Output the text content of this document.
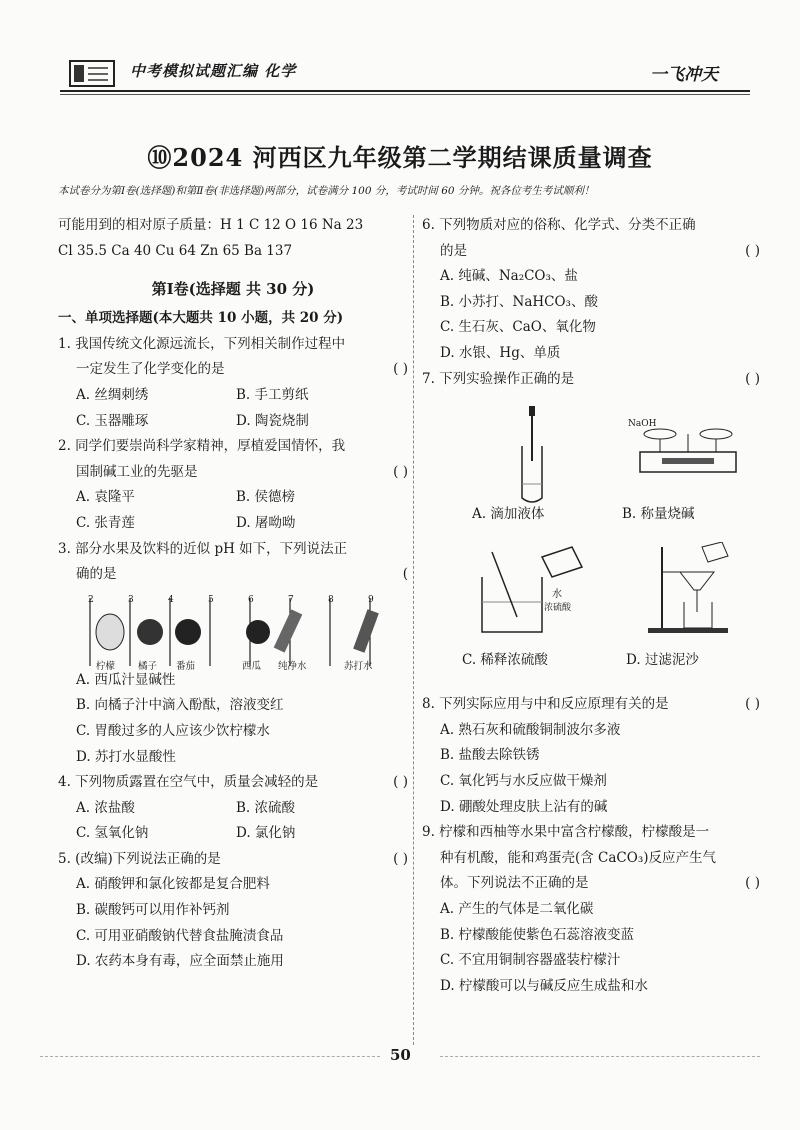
中考模拟试题汇编 化学	一飞冲天
⑩2024 河西区九年级第二学期结课质量调查
本试卷分为第Ⅰ卷(选择题)和第Ⅱ卷(非选择题)两部分，试卷满分 100 分，考试时间 60 分钟。祝各位考生考试顺利！
可能用到的相对原子质量：H 1 C 12 O 16 Na 23
Cl 35.5 Ca 40 Cu 64 Zn 65 Ba 137
第Ⅰ卷(选择题 共 30 分)
一、单项选择题(本大题共 10 小题，共 20 分)
1. 我国传统文化源远流长，下列相关制作过程中
一定发生了化学变化的是	( )
A. 丝绸刺绣	B. 手工剪纸
C. 玉器雕琢	D. 陶瓷烧制
2. 同学们要崇尚科学家精神，厚植爱国情怀，我
国制碱工业的先驱是	( )
A. 袁隆平	B. 侯德榜
C. 张青莲	D. 屠呦呦
3. 部分水果及饮料的近似 pH 如下，下列说法正
确的是	(
2	3	4	5	6	7	8	9
柠檬 橘子 番茄	西瓜 纯净水	苏打水
A. 西瓜汁显碱性
B. 向橘子汁中滴入酚酞，溶液变红
C. 胃酸过多的人应该少饮柠檬水
D. 苏打水显酸性
4. 下列物质露置在空气中，质量会减轻的是	( )
A. 浓盐酸	B. 浓硫酸
C. 氢氧化钠	D. 氯化钠
5. (改编)下列说法正确的是	( )
A. 硝酸钾和氯化铵都是复合肥料
B. 碳酸钙可以用作补钙剂
C. 可用亚硝酸钠代替食盐腌渍食品
D. 农药本身有毒，应全面禁止施用
6. 下列物质对应的俗称、化学式、分类不正确
的是	( )
A. 纯碱、Na₂CO₃、盐
B. 小苏打、NaHCO₃、酸
C. 生石灰、CaO、氧化物
D. 水银、Hg、单质
7. 下列实验操作正确的是	( )
A. 滴加液体
NaOH
B. 称量烧碱
水
浓硫酸
C. 稀释浓硫酸	D. 过滤泥沙
8. 下列实际应用与中和反应原理有关的是	( )
A. 熟石灰和硫酸铜制波尔多液
B. 盐酸去除铁锈
C. 氧化钙与水反应做干燥剂
D. 硼酸处理皮肤上沾有的碱
9. 柠檬和西柚等水果中富含柠檬酸，柠檬酸是一
种有机酸，能和鸡蛋壳(含 CaCO₃)反应产生气
体。下列说法不正确的是	( )
A. 产生的气体是二氧化碳
B. 柠檬酸能使紫色石蕊溶液变蓝
C. 不宜用铜制容器盛装柠檬汁
D. 柠檬酸可以与碱反应生成盐和水
50
